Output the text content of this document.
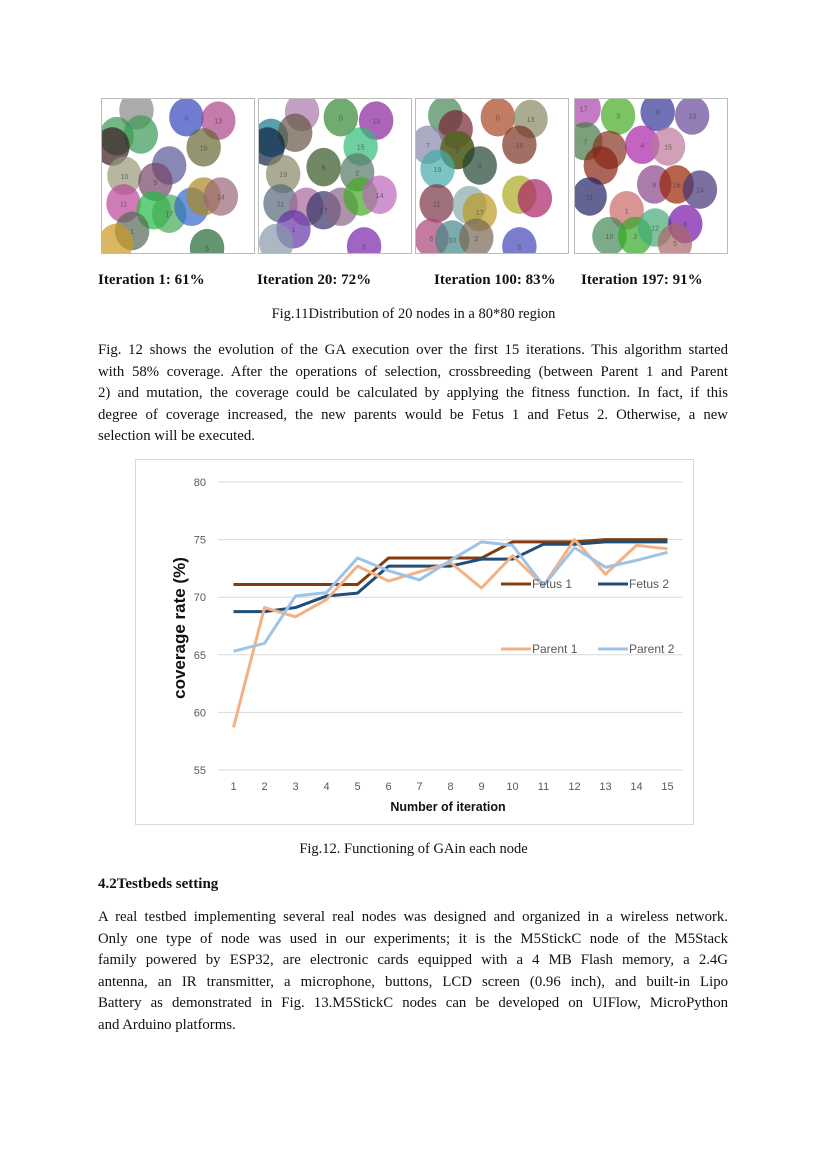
0	13
15
10
9
11
17
14
1
5
0	13
15
19
8
2
11
17
14
1
5
0	13
7	15
9
8
19
11
17
6 10	2
5
17
3	0	13
7	4	15
11
8 16
14
1
10	2
12	6
5
Iteration 1: 61%	Iteration 20: 72%	Iteration 100: 83% Iteration 197: 91%
Fig.11Distribution of 20 nodes in a 80*80 region
Fig. 12 shows the evolution of the GA execution over the first 15 iterations. This algorithm started
with 58% coverage. After the operations of selection, crossbreeding (between Parent 1 and Parent
2) and mutation, the coverage could be calculated by applying the fitness function. In fact, if this
degree of coverage increased, the new parents would be Fetus 1 and Fetus 2. Otherwise, a new
selection will be executed.
55
60
65
70
75
80
1 2 3 4 5 6 7 8 9 10 11 12 13 14 15
Fetus 1	Fetus 2
Parent 1	Parent 2
Number of iteration
coverage rate (%)
Fig.12. Functioning of GAin each node
4.2Testbeds setting
A real testbed implementing several real nodes was designed and organized in a wireless network.
Only one type of node was used in our experiments; it is the M5StickC node of the M5Stack
family powered by ESP32, are electronic cards equipped with a 4 MB Flash memory, a 2.4G
antenna, an IR transmitter, a microphone, buttons, LCD screen (0.96 inch), and built-in Lipo
Battery as demonstrated in Fig. 13.M5StickC nodes can be developed on UIFlow, MicroPython
and Arduino platforms.
